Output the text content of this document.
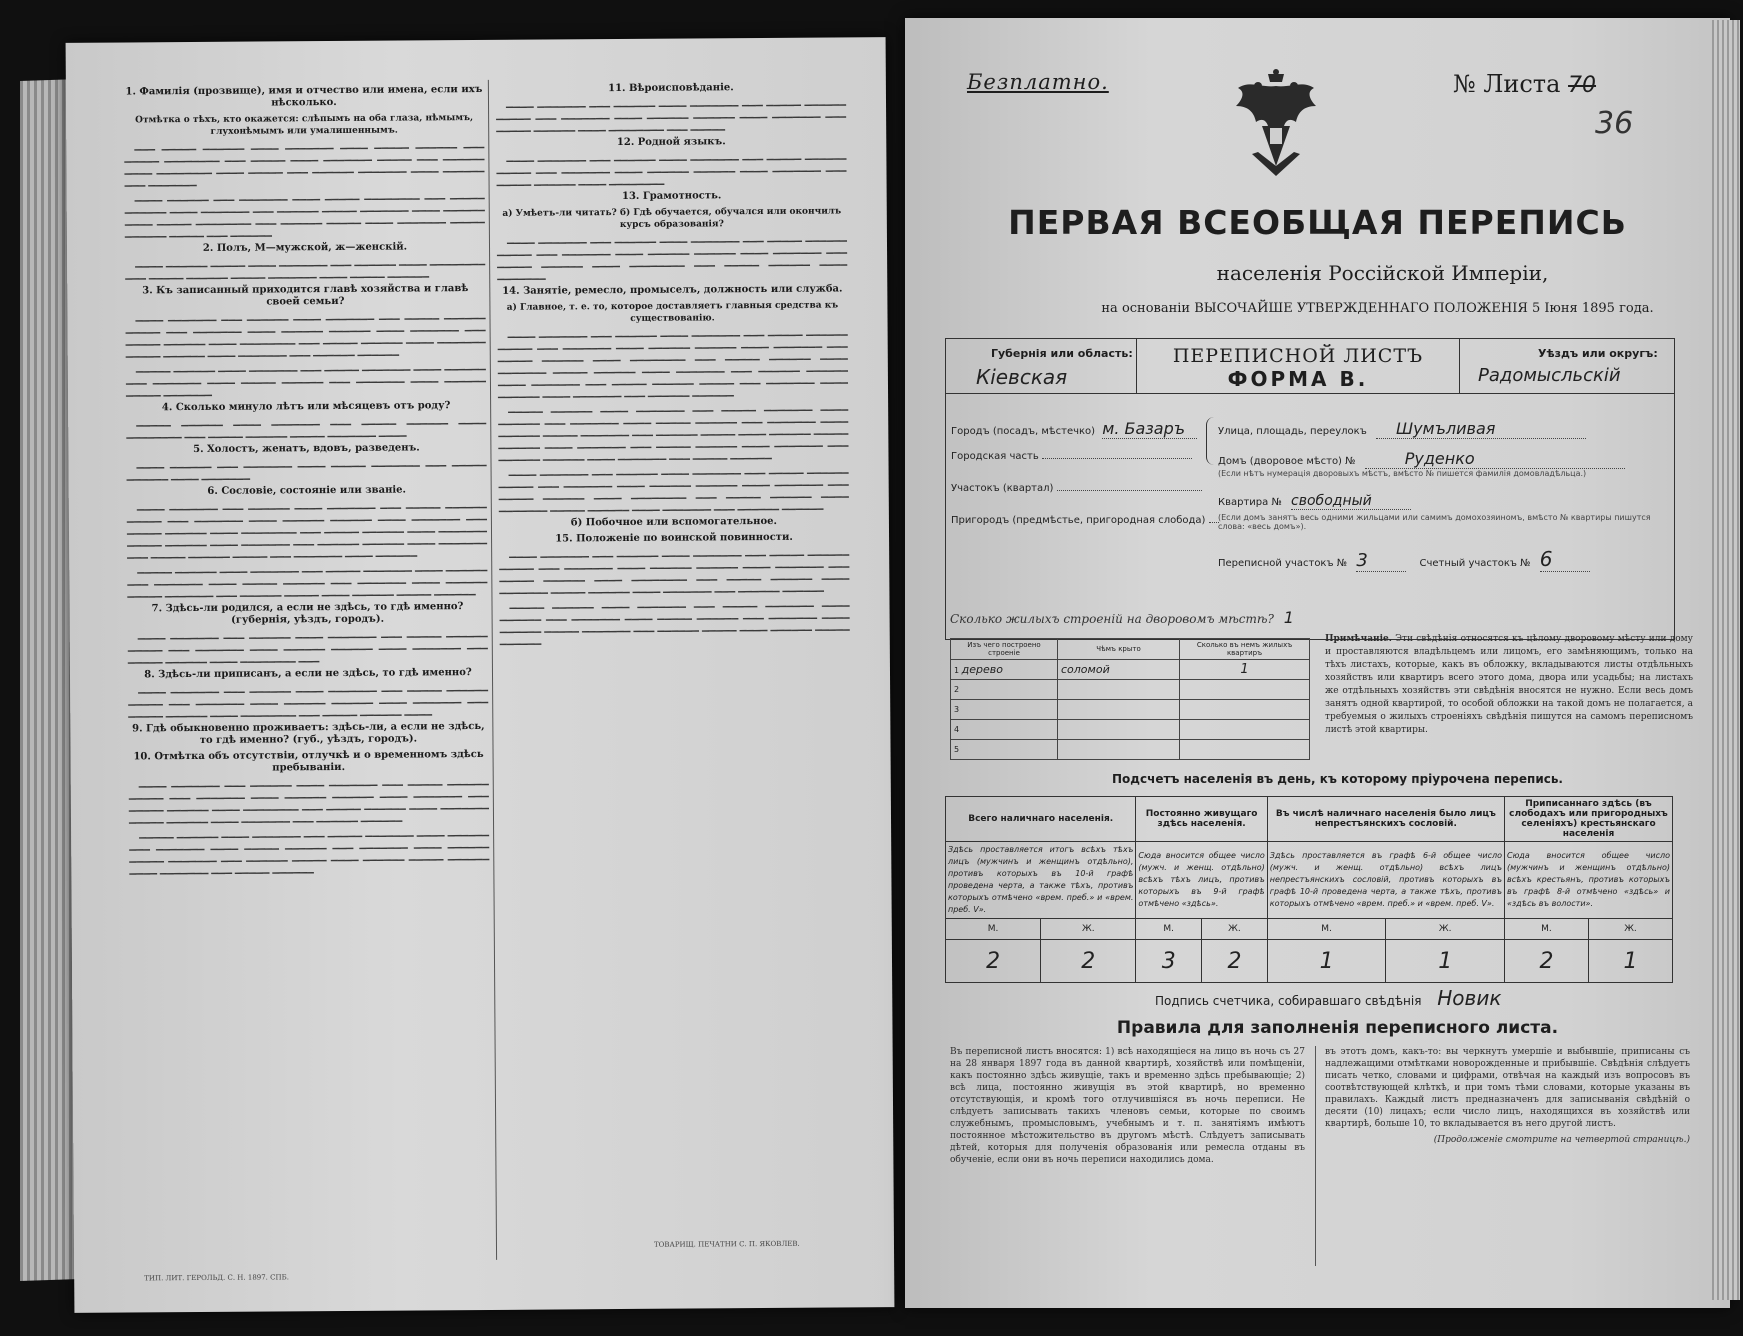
1. Фамилія (прозвище), имя и отчество или имена, если ихъ нѣсколько.
Отмѣтка о тѣхъ, кто окажется: слѣпымъ на оба глаза, нѣмымъ, глухонѣмымъ или умалишеннымъ.

▁▁▁ ▁▁▁▁▁ ▁▁▁▁▁▁ ▁▁▁▁ ▁▁▁▁▁▁▁ ▁▁▁▁ ▁▁▁▁▁ ▁▁▁▁▁▁ ▁▁▁ ▁▁▁▁▁ ▁▁▁▁▁▁▁▁ ▁▁▁ ▁▁▁▁▁ ▁▁▁▁ ▁▁▁▁▁▁▁ ▁▁▁▁▁ ▁▁▁ ▁▁▁▁▁▁ ▁▁▁▁ ▁▁▁▁▁▁▁▁ ▁▁▁▁ ▁▁▁▁▁ ▁▁▁ ▁▁▁▁▁▁ ▁▁▁▁▁▁▁ ▁▁▁▁ ▁▁▁▁▁▁ ▁▁▁ ▁▁▁▁▁▁▁

▁▁▁▁ ▁▁▁▁▁▁ ▁▁▁ ▁▁▁▁▁▁▁ ▁▁▁▁ ▁▁▁▁▁ ▁▁▁▁▁▁▁▁ ▁▁▁ ▁▁▁▁▁ ▁▁▁▁▁▁ ▁▁▁▁ ▁▁▁▁▁▁▁ ▁▁▁ ▁▁▁▁▁▁ ▁▁▁▁▁ ▁▁▁▁▁▁▁ ▁▁▁▁ ▁▁▁▁▁▁ ▁▁▁▁ ▁▁▁▁▁ ▁▁▁▁▁▁▁▁ ▁▁▁ ▁▁▁▁▁▁ ▁▁▁▁▁ ▁▁▁▁ ▁▁▁▁▁▁▁ ▁▁▁▁▁ ▁▁▁▁▁▁ ▁▁▁▁▁ ▁▁▁ ▁▁▁▁▁▁

2. Полъ, М—мужской, ж—женскій.

▁▁▁▁ ▁▁▁▁▁▁ ▁▁▁▁▁ ▁▁▁▁ ▁▁▁▁▁▁▁ ▁▁▁ ▁▁▁▁▁▁ ▁▁▁▁ ▁▁▁▁▁▁▁▁ ▁▁▁ ▁▁▁▁▁ ▁▁▁▁▁▁ ▁▁▁▁▁ ▁▁▁▁▁▁▁ ▁▁▁▁ ▁▁▁▁▁ ▁▁▁▁▁▁

3. Къ записанный приходится главѣ хозяйства и главѣ своей семьи?

▁▁▁▁ ▁▁▁▁▁▁▁ ▁▁▁ ▁▁▁▁▁▁ ▁▁▁▁ ▁▁▁▁▁▁▁ ▁▁▁ ▁▁▁▁▁ ▁▁▁▁▁▁ ▁▁▁▁▁ ▁▁▁ ▁▁▁▁▁▁▁ ▁▁▁▁ ▁▁▁▁▁▁ ▁▁▁▁▁▁ ▁▁▁▁ ▁▁▁▁▁▁▁ ▁▁▁ ▁▁▁▁▁ ▁▁▁▁▁▁ ▁▁▁▁ ▁▁▁▁▁▁▁▁ ▁▁▁ ▁▁▁▁▁ ▁▁▁▁▁▁ ▁▁▁▁ ▁▁▁▁▁▁▁ ▁▁▁▁▁ ▁▁▁▁▁▁ ▁▁▁▁ ▁▁▁▁▁▁▁ ▁▁▁ ▁▁▁▁▁▁ ▁▁▁▁▁▁

▁▁▁▁▁ ▁▁▁▁▁▁ ▁▁▁▁ ▁▁▁▁▁▁▁ ▁▁▁ ▁▁▁▁▁ ▁▁▁▁▁▁▁ ▁▁▁▁ ▁▁▁▁▁▁ ▁▁▁ ▁▁▁▁▁▁▁ ▁▁▁▁ ▁▁▁▁▁ ▁▁▁▁▁▁ ▁▁▁ ▁▁▁▁▁▁▁ ▁▁▁▁ ▁▁▁▁▁▁ ▁▁▁▁▁ ▁▁▁▁▁▁▁

4. Сколько минуло лѣтъ или мѣсяцевъ отъ роду?

▁▁▁▁▁ ▁▁▁▁▁▁ ▁▁▁▁ ▁▁▁▁▁▁▁ ▁▁▁ ▁▁▁▁▁ ▁▁▁▁▁▁ ▁▁▁▁ ▁▁▁▁▁▁▁▁ ▁▁▁ ▁▁▁▁▁ ▁▁▁▁▁▁ ▁▁▁▁▁ ▁▁▁▁▁▁▁ ▁▁▁▁

5. Холостъ, женатъ, вдовъ, разведенъ.

▁▁▁▁ ▁▁▁▁▁▁ ▁▁▁ ▁▁▁▁▁▁▁ ▁▁▁▁ ▁▁▁▁▁ ▁▁▁▁▁▁▁ ▁▁▁ ▁▁▁▁▁ ▁▁▁▁▁▁ ▁▁▁▁ ▁▁▁▁▁▁▁

6. Сословіе, состояніе или званіе.

▁▁▁▁ ▁▁▁▁▁▁▁ ▁▁▁ ▁▁▁▁▁▁ ▁▁▁▁ ▁▁▁▁▁▁▁ ▁▁▁ ▁▁▁▁▁ ▁▁▁▁▁▁ ▁▁▁▁▁ ▁▁▁ ▁▁▁▁▁▁▁ ▁▁▁▁ ▁▁▁▁▁▁ ▁▁▁▁▁▁ ▁▁▁▁ ▁▁▁▁▁▁▁ ▁▁▁ ▁▁▁▁▁ ▁▁▁▁▁▁ ▁▁▁▁ ▁▁▁▁▁▁▁▁ ▁▁▁ ▁▁▁▁▁ ▁▁▁▁▁▁ ▁▁▁▁ ▁▁▁▁▁▁▁ ▁▁▁▁▁ ▁▁▁▁▁▁ ▁▁▁▁ ▁▁▁▁▁▁▁ ▁▁▁ ▁▁▁▁▁▁ ▁▁▁▁▁▁ ▁▁▁▁ ▁▁▁▁▁▁▁ ▁▁▁ ▁▁▁▁▁ ▁▁▁▁▁▁ ▁▁▁▁▁ ▁▁▁ ▁▁▁▁▁▁▁ ▁▁▁▁ ▁▁▁▁▁▁

▁▁▁▁▁ ▁▁▁▁▁▁ ▁▁▁▁ ▁▁▁▁▁▁▁ ▁▁▁ ▁▁▁▁▁ ▁▁▁▁▁▁▁ ▁▁▁▁ ▁▁▁▁▁▁ ▁▁▁ ▁▁▁▁▁▁▁ ▁▁▁▁ ▁▁▁▁▁ ▁▁▁▁▁▁ ▁▁▁ ▁▁▁▁▁▁▁ ▁▁▁▁ ▁▁▁▁▁▁ ▁▁▁▁▁ ▁▁▁▁▁▁▁ ▁▁▁ ▁▁▁▁▁▁ ▁▁▁▁▁ ▁▁▁▁ ▁▁▁▁▁▁ ▁▁▁▁▁ ▁▁▁▁▁▁

7. Здѣсь-ли родился, а если не здѣсь, то гдѣ именно? (губернія, уѣздъ, городъ).

▁▁▁▁ ▁▁▁▁▁▁▁ ▁▁▁ ▁▁▁▁▁▁ ▁▁▁▁ ▁▁▁▁▁▁▁ ▁▁▁ ▁▁▁▁▁ ▁▁▁▁▁▁ ▁▁▁▁▁ ▁▁▁ ▁▁▁▁▁▁▁ ▁▁▁▁ ▁▁▁▁▁▁ ▁▁▁▁▁▁ ▁▁▁▁ ▁▁▁▁▁▁▁ ▁▁▁ ▁▁▁▁▁ ▁▁▁▁▁▁ ▁▁▁▁ ▁▁▁▁▁▁▁▁ ▁▁▁

8. Здѣсь-ли приписанъ, а если не здѣсь, то гдѣ именно?

▁▁▁▁ ▁▁▁▁▁▁▁ ▁▁▁ ▁▁▁▁▁▁ ▁▁▁▁ ▁▁▁▁▁▁▁ ▁▁▁ ▁▁▁▁▁ ▁▁▁▁▁▁ ▁▁▁▁▁ ▁▁▁ ▁▁▁▁▁▁▁ ▁▁▁▁ ▁▁▁▁▁▁ ▁▁▁▁▁▁ ▁▁▁▁ ▁▁▁▁▁▁▁ ▁▁▁ ▁▁▁▁▁ ▁▁▁▁▁▁ ▁▁▁▁ ▁▁▁▁▁▁▁▁ ▁▁▁ ▁▁▁▁▁ ▁▁▁▁▁▁ ▁▁▁▁

9. Гдѣ обыкновенно проживаетъ: здѣсь-ли, а если не здѣсь, то гдѣ именно? (губ., уѣздъ, городъ).
10. Отмѣтка объ отсутствіи, отлучкѣ и о временномъ здѣсь пребываніи.

▁▁▁▁ ▁▁▁▁▁▁▁ ▁▁▁ ▁▁▁▁▁▁ ▁▁▁▁ ▁▁▁▁▁▁▁ ▁▁▁ ▁▁▁▁▁ ▁▁▁▁▁▁ ▁▁▁▁▁ ▁▁▁ ▁▁▁▁▁▁▁ ▁▁▁▁ ▁▁▁▁▁▁ ▁▁▁▁▁▁ ▁▁▁▁ ▁▁▁▁▁▁▁ ▁▁▁ ▁▁▁▁▁ ▁▁▁▁▁▁ ▁▁▁▁ ▁▁▁▁▁▁▁▁ ▁▁▁ ▁▁▁▁▁ ▁▁▁▁▁▁ ▁▁▁▁ ▁▁▁▁▁▁▁ ▁▁▁▁▁ ▁▁▁▁▁▁ ▁▁▁▁ ▁▁▁▁▁▁▁ ▁▁▁ ▁▁▁▁▁▁ ▁▁▁▁▁▁

▁▁▁▁▁ ▁▁▁▁▁▁ ▁▁▁▁ ▁▁▁▁▁▁▁ ▁▁▁ ▁▁▁▁▁ ▁▁▁▁▁▁▁ ▁▁▁▁ ▁▁▁▁▁▁ ▁▁▁ ▁▁▁▁▁▁▁ ▁▁▁▁ ▁▁▁▁▁ ▁▁▁▁▁▁ ▁▁▁ ▁▁▁▁▁▁▁ ▁▁▁▁ ▁▁▁▁▁▁ ▁▁▁▁▁ ▁▁▁▁▁▁▁ ▁▁▁ ▁▁▁▁▁▁ ▁▁▁▁▁ ▁▁▁▁ ▁▁▁▁▁▁ ▁▁▁▁▁ ▁▁▁▁▁▁ ▁▁▁▁ ▁▁▁▁▁▁▁ ▁▁▁ ▁▁▁▁▁ ▁▁▁▁▁▁

11. Вѣроисповѣданіе.

▁▁▁▁ ▁▁▁▁▁▁▁ ▁▁▁ ▁▁▁▁▁▁ ▁▁▁▁ ▁▁▁▁▁▁▁ ▁▁▁ ▁▁▁▁▁ ▁▁▁▁▁▁ ▁▁▁▁▁ ▁▁▁ ▁▁▁▁▁▁▁ ▁▁▁▁ ▁▁▁▁▁▁ ▁▁▁▁▁▁ ▁▁▁▁ ▁▁▁▁▁▁▁ ▁▁▁ ▁▁▁▁▁ ▁▁▁▁▁▁ ▁▁▁▁ ▁▁▁▁▁▁▁▁ ▁▁▁ ▁▁▁▁▁

12. Родной языкъ.

▁▁▁▁ ▁▁▁▁▁▁▁ ▁▁▁ ▁▁▁▁▁▁ ▁▁▁▁ ▁▁▁▁▁▁▁ ▁▁▁ ▁▁▁▁▁ ▁▁▁▁▁▁ ▁▁▁▁▁ ▁▁▁ ▁▁▁▁▁▁▁ ▁▁▁▁ ▁▁▁▁▁▁ ▁▁▁▁▁▁ ▁▁▁▁ ▁▁▁▁▁▁▁ ▁▁▁ ▁▁▁▁▁ ▁▁▁▁▁▁ ▁▁▁▁ ▁▁▁▁▁▁▁▁

13. Грамотность.
а) Умѣетъ-ли читать? б) Гдѣ обучается, обучался или окончилъ курсъ образованія?

▁▁▁▁ ▁▁▁▁▁▁▁ ▁▁▁ ▁▁▁▁▁▁ ▁▁▁▁ ▁▁▁▁▁▁▁ ▁▁▁ ▁▁▁▁▁ ▁▁▁▁▁▁ ▁▁▁▁▁ ▁▁▁ ▁▁▁▁▁▁▁ ▁▁▁▁ ▁▁▁▁▁▁ ▁▁▁▁▁▁ ▁▁▁▁ ▁▁▁▁▁▁▁ ▁▁▁ ▁▁▁▁▁ ▁▁▁▁▁▁ ▁▁▁▁ ▁▁▁▁▁▁▁▁ ▁▁▁ ▁▁▁▁▁ ▁▁▁▁▁▁ ▁▁▁▁ ▁▁▁▁▁▁▁

14. Занятіе, ремесло, промыселъ, должность или служба.
а) Главное, т. е. то, которое доставляетъ главныя средства къ существованію.

▁▁▁▁ ▁▁▁▁▁▁▁ ▁▁▁ ▁▁▁▁▁▁ ▁▁▁▁ ▁▁▁▁▁▁▁ ▁▁▁ ▁▁▁▁▁ ▁▁▁▁▁▁ ▁▁▁▁▁ ▁▁▁ ▁▁▁▁▁▁▁ ▁▁▁▁ ▁▁▁▁▁▁ ▁▁▁▁▁▁ ▁▁▁▁ ▁▁▁▁▁▁▁ ▁▁▁ ▁▁▁▁▁ ▁▁▁▁▁▁ ▁▁▁▁ ▁▁▁▁▁▁▁▁ ▁▁▁ ▁▁▁▁▁ ▁▁▁▁▁▁ ▁▁▁▁ ▁▁▁▁▁▁▁ ▁▁▁▁▁ ▁▁▁▁▁▁ ▁▁▁▁ ▁▁▁▁▁▁▁ ▁▁▁ ▁▁▁▁▁▁ ▁▁▁▁▁▁ ▁▁▁▁ ▁▁▁▁▁▁▁ ▁▁▁ ▁▁▁▁▁ ▁▁▁▁▁▁ ▁▁▁▁▁ ▁▁▁ ▁▁▁▁▁▁▁ ▁▁▁▁ ▁▁▁▁▁▁ ▁▁▁▁ ▁▁▁▁▁▁▁ ▁▁▁ ▁▁▁▁▁▁ ▁▁▁▁▁▁

▁▁▁▁▁ ▁▁▁▁▁▁ ▁▁▁▁ ▁▁▁▁▁▁▁ ▁▁▁ ▁▁▁▁▁ ▁▁▁▁▁▁▁ ▁▁▁▁ ▁▁▁▁▁▁ ▁▁▁ ▁▁▁▁▁▁▁ ▁▁▁▁ ▁▁▁▁▁ ▁▁▁▁▁▁ ▁▁▁ ▁▁▁▁▁▁▁ ▁▁▁▁ ▁▁▁▁▁▁ ▁▁▁▁▁ ▁▁▁▁▁▁▁ ▁▁▁ ▁▁▁▁▁▁ ▁▁▁▁▁ ▁▁▁▁ ▁▁▁▁▁▁ ▁▁▁▁▁ ▁▁▁▁▁▁ ▁▁▁▁ ▁▁▁▁▁▁▁ ▁▁▁ ▁▁▁▁▁ ▁▁▁▁▁▁ ▁▁▁▁ ▁▁▁▁▁▁▁ ▁▁▁ ▁▁▁▁▁▁ ▁▁▁▁▁▁ ▁▁▁▁ ▁▁▁▁▁▁▁ ▁▁▁ ▁▁▁▁▁ ▁▁▁▁▁▁

▁▁▁▁ ▁▁▁▁▁▁▁ ▁▁▁ ▁▁▁▁▁▁ ▁▁▁▁ ▁▁▁▁▁▁▁ ▁▁▁ ▁▁▁▁▁ ▁▁▁▁▁▁ ▁▁▁▁▁ ▁▁▁ ▁▁▁▁▁▁▁ ▁▁▁▁ ▁▁▁▁▁▁ ▁▁▁▁▁▁ ▁▁▁▁ ▁▁▁▁▁▁▁ ▁▁▁ ▁▁▁▁▁ ▁▁▁▁▁▁ ▁▁▁▁ ▁▁▁▁▁▁▁▁ ▁▁▁ ▁▁▁▁▁ ▁▁▁▁▁▁ ▁▁▁▁ ▁▁▁▁▁▁▁ ▁▁▁▁▁ ▁▁▁▁▁▁ ▁▁▁▁ ▁▁▁▁▁▁▁ ▁▁▁ ▁▁▁▁▁▁ ▁▁▁▁▁▁

б) Побочное или вспомогательное.
15. Положеніе по воинской повинности.

▁▁▁▁ ▁▁▁▁▁▁▁ ▁▁▁ ▁▁▁▁▁▁ ▁▁▁▁ ▁▁▁▁▁▁▁ ▁▁▁ ▁▁▁▁▁ ▁▁▁▁▁▁ ▁▁▁▁▁ ▁▁▁ ▁▁▁▁▁▁▁ ▁▁▁▁ ▁▁▁▁▁▁ ▁▁▁▁▁▁ ▁▁▁▁ ▁▁▁▁▁▁▁ ▁▁▁ ▁▁▁▁▁ ▁▁▁▁▁▁ ▁▁▁▁ ▁▁▁▁▁▁▁▁ ▁▁▁ ▁▁▁▁▁ ▁▁▁▁▁▁ ▁▁▁▁ ▁▁▁▁▁▁▁ ▁▁▁▁▁ ▁▁▁▁▁▁ ▁▁▁▁ ▁▁▁▁▁▁▁ ▁▁▁ ▁▁▁▁▁▁ ▁▁▁▁▁▁

▁▁▁▁▁ ▁▁▁▁▁▁ ▁▁▁▁ ▁▁▁▁▁▁▁ ▁▁▁ ▁▁▁▁▁ ▁▁▁▁▁▁▁ ▁▁▁▁ ▁▁▁▁▁▁ ▁▁▁ ▁▁▁▁▁▁▁ ▁▁▁▁ ▁▁▁▁▁ ▁▁▁▁▁▁ ▁▁▁ ▁▁▁▁▁▁▁ ▁▁▁▁ ▁▁▁▁▁▁ ▁▁▁▁▁ ▁▁▁▁▁▁▁ ▁▁▁ ▁▁▁▁▁▁ ▁▁▁▁▁ ▁▁▁▁ ▁▁▁▁▁▁ ▁▁▁▁▁ ▁▁▁▁▁▁

ТИП. ЛИТ. ГЕРОЛЬД. С. Н. 1897. СПБ.
ТОВАРИЩ. ПЕЧАТНИ С. П. ЯКОВЛЕВ.
Безплатно.	№ Листа 70
36
ПЕРВАЯ ВСЕОБЩАЯ ПЕРЕПИСЬ
населенія Россійской Имперіи,
на основаніи ВЫСОЧАЙШЕ УТВЕРЖДЕННАГО ПОЛОЖЕНІЯ 5 Іюня 1895 года.
Губернія или область:
Кіевская
ПЕРЕПИСНОЙ ЛИСТЪ
ФОРМА В.
Уѣздъ или округъ:
Радомысльскій
Городъ (посадъ, мѣстечко) м. Базаръ
Городская часть
Участокъ (квартал)
Пригородъ (предмѣстье, пригородная слобода)
Улица, площадь, переулокъ Шумъливая
Домъ (дворовое мѣсто) №	Руденко
(Если нѣтъ нумерація дворовыхъ мѣстъ, вмѣсто № пишется фамилія домовладѣльца.)
Квартира № свободный
(Если домъ занятъ весь одними жильцами или самимъ домохозяиномъ, вмѣсто № квартиры пишутся слова: «весь домъ»).
Переписной участокъ № 3	Счетный участокъ № 6
Сколько жилыхъ строеній на дворовомъ мѣстѣ? 1
Изъ чего построено строеніе	Чѣмъ крыто	Сколько въ немъ жилыхъ квартиръ
1 дерево	соломой	1
2		
3		
4		
5		
Примѣчаніе. Эти свѣдѣнія относятся къ цѣлому дворовому мѣсту или дому и проставляются владѣльцемъ или лицомъ, его замѣняющимъ, только на тѣхъ листахъ, которые, какъ въ обложку, вкладываются листы отдѣльныхъ хозяйствъ или квартиръ всего этого дома, двора или усадьбы; на листахъ же отдѣльныхъ хозяйствъ эти свѣдѣнія вносятся не нужно. Если весь домъ занятъ одной квартирой, то особой обложки на такой домъ не полагается, а требуемыя о жилыхъ строеніяхъ свѣдѣнія пишутся на самомъ переписномъ листѣ этой квартиры.
Подсчетъ населенія въ день, къ которому пріурочена перепись.
Всего наличнаго населенія.		Постоянно живущаго здѣсь населенія.		Въ числѣ наличнаго населенія было лицъ непрестъянскихъ сословій.		Приписаннаго здѣсь (въ слободахъ или пригородныхъ селеніяхъ) крестьянскаго населенія	
Здѣсь проставляется итогъ всѣхъ тѣхъ лицъ (мужчинъ и женщинъ отдѣльно), противъ которыхъ въ 10-й графѣ проведена черта, а также тѣхъ, противъ которыхъ отмѣчено «врем. преб.» и «врем. преб. V».		Сюда вносится общее число (мужч. и женщ. отдѣльно) всѣхъ тѣхъ лицъ, противъ которыхъ въ 9-й графѣ отмѣчено «здѣсь».		Здѣсь проставляется въ графѣ 6-й общее число (мужч. и женщ. отдѣльно) всѣхъ лицъ непрестъянскихъ сословій, противъ которыхъ въ графѣ 10-й проведена черта, а также тѣхъ, противъ которыхъ отмѣчено «врем. преб.» и «врем. преб. V».		Сюда вносится общее число (мужчинъ и женщинъ отдѣльно) всѣхъ крестьянъ, противъ которыхъ въ графѣ 8-й отмѣчено «здѣсь» и «здѣсь въ волости».	
М.	Ж.	М.	Ж.	М.	Ж.	М.	Ж.
2	2	3	2	1	1	2	1
Подпись счетчика, собиравшаго свѣдѣнія Новик
Правила для заполненія переписного листа.
Въ переписной листъ вносятся: 1) всѣ находящіеся на лицо въ ночь съ 27 на 28 января 1897 года въ данной квартирѣ, хозяйствѣ или помѣщеніи, какъ постоянно здѣсь живущіе, такъ и временно здѣсь пребывающіе; 2) всѣ лица, постоянно живущія въ этой квартирѣ, но временно отсутствующія, и кромѣ того отлучившіяся въ ночь переписи. Не слѣдуетъ записывать такихъ членовъ семьи, которые по своимъ служебнымъ, промысловымъ, учебнымъ и т. п. занятіямъ имѣютъ постоянное мѣстожительство въ другомъ мѣстѣ. Слѣдуетъ записывать дѣтей, которыя для полученія образованія или ремесла отданы въ обученіе, если они въ ночь переписи находились дома.
въ этотъ домъ, какъ-то: вы черкнутъ умершіе и выбывшіе, приписаны съ надлежащими отмѣтками новорожденные и прибывшіе. Свѣдѣнія слѣдуетъ писать четко, словами и цифрами, отвѣчая на каждый изъ вопросовъ въ соотвѣтствующей клѣткѣ, и при томъ тѣми словами, которые указаны въ правилахъ. Каждый листъ предназначенъ для записыванія свѣдѣній о десяти (10) лицахъ; если число лицъ, находящихся въ хозяйствѣ или квартирѣ, больше 10, то вкладывается въ него другой листъ.
(Продолженіе смотрите на четвертой страницѣ.)
